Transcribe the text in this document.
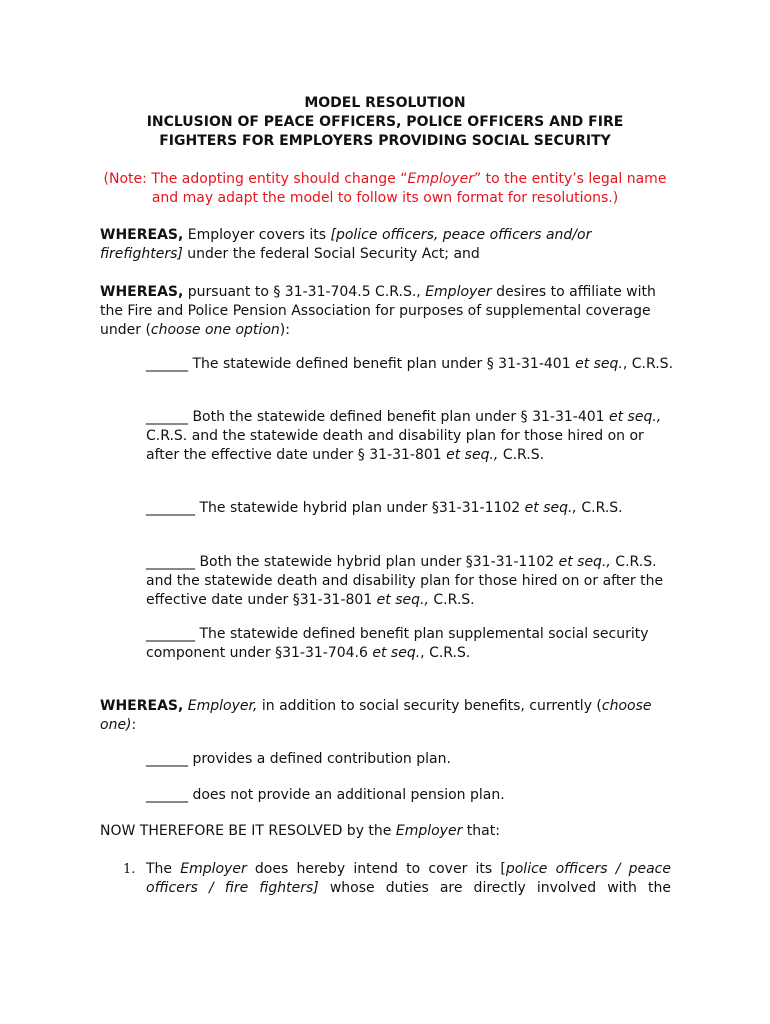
MODEL RESOLUTION
INCLUSION OF PEACE OFFICERS, POLICE OFFICERS AND FIRE
FIGHTERS FOR EMPLOYERS PROVIDING SOCIAL SECURITY
(Note: The adopting entity should change “Employer” to the entity’s legal name and may adapt the model to follow its own format for resolutions.)
WHEREAS, Employer covers its [police officers, peace officers and/or firefighters] under the federal Social Security Act; and
WHEREAS, pursuant to § 31-31-704.5 C.R.S., Employer desires to affiliate with the Fire and Police Pension Association for purposes of supplemental coverage under (choose one option):
______ The statewide defined benefit plan under § 31-31-401 et seq., C.R.S.
______ Both the statewide defined benefit plan under § 31-31-401 et seq., C.R.S. and the statewide death and disability plan for those hired on or after the effective date under § 31-31-801 et seq., C.R.S.
_______ The statewide hybrid plan under §31-31-1102 et seq., C.R.S.
_______ Both the statewide hybrid plan under §31-31-1102 et seq., C.R.S. and the statewide death and disability plan for those hired on or after the effective date under §31-31-801 et seq., C.R.S.
_______ The statewide defined benefit plan supplemental social security component under §31-31-704.6 et seq., C.R.S.
WHEREAS, Employer, in addition to social security benefits, currently (choose one):
______ provides a defined contribution plan.
______ does not provide an additional pension plan.
NOW THEREFORE BE IT RESOLVED by the Employer that:
1. The Employer does hereby intend to cover its [police officers / peace officers / fire fighters] whose duties are directly involved with the
